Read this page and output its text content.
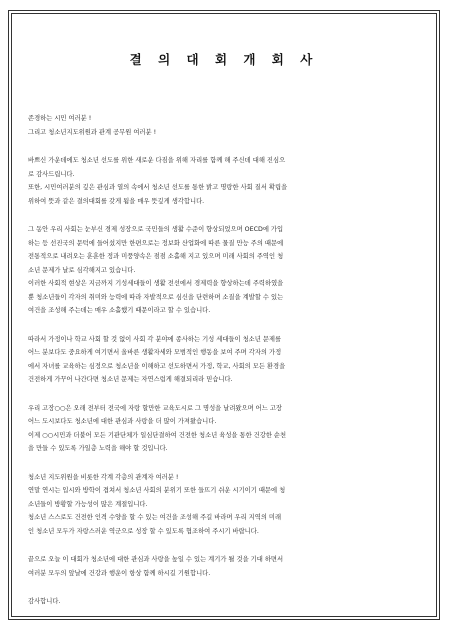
결 의 대 회 개 회 사
존경하는 시민 여러분 !
그리고 청소년지도위원과 관계 공무원 여러분 !
바쁘신 가운데에도 청소년 선도를 위한 새로운 다짐을 위해 자리를 함께 해 주신데 대해 진심으
로 감사드립니다.
또한, 시민여러분의 깊은 관심과 열의 속에서 청소년 선도를 통한 밝고 명랑한 사회 질서 확립을
위하여 뜻과 같은 결의대회를 갖게 됨을 매우 뜻깊게 생각합니다.
그 동안 우리 사회는 눈부신 경제 성장으로 국민들의 생활 수준이 향상되었으며 OECD에 가입
하는 등 선진국의 문턱에 들어섰지만 한편으로는 정보화 산업화에 따른 물질 만능 주의 때문에
전통적으로 내려오는 훈훈한 정과 미풍양속은 점점 소홀해 지고 있으며 미래 사회의 주역인 청
소년 문제가 날로 심각해지고 있습니다.
이러한 사회적 현상은 지금까지 기성세대들이 생활 전선에서 경제력을 향상하는데 주력하였을
뿐 청소년들이 각자의 취미와 능력에 따라 자발적으로 심신을 단련하며 소질을 계발할 수 있는
여건을 조성해 주는데는 매우 소홀했기 때문이라고 할 수 있습니다.
따라서 가정이나 학교 사회 할 것 없이 사회 각 분야에 종사하는 기성 세대들이 청소년 문제를
어느 분보다도 중요하게 여기면서 올바른 생활자세와 모범적인 행동을 보여 주며 각자의 가정
에서 자녀를 교육하는 심정으로 청소년을 이해하고 선도하면서 가정, 학교, 사회의 모든 환경을
건전하게 가꾸어 나간다면 청소년 문제는 자연스럽게 해결되리라 믿습니다.
우리 고장○○은 오래 전부터 전국에 자랑 할만한 교육도시로 그 명성을 날려왔으며 어느 고장
어느 도시보다도 청소년에 대한 관심과 사랑을 더 많이 가져왔습니다.
이제 ○○시민과 더불어 모든 기관단체가 일심단결하여 건전한 청소년 육성을 통한 건강한 순천
을 만들 수 있도록 가일층 노력을 해야 할 것입니다.
청소년 지도위원을 비롯한 각계 각층의 관계자 여러분 !
연말 연시는 입시와 방학이 겹쳐서 청소년 사회의 분위기 또한 들뜨기 쉬운 시기이기 때문에 청
소년들이 방황할 가능성이 많은 계절입니다.
청소년 스스로도 건전한 인격 수양을 할 수 있는 여건을 조성해 주길 바라며 우리 지역의 미래
인 청소년 모두가 자랑스러운 역군으로 성장 할 수 있도록 협조하여 주시기 바랍니다.
끝으로 오늘 이 대회가 청소년에 대한 관심과 사랑을 높일 수 있는 계기가 될 것을 기대 하면서
여러분 모두의 앞날에 건강과 행운이 항상 함께 하시길 기원합니다.
감사합니다.
